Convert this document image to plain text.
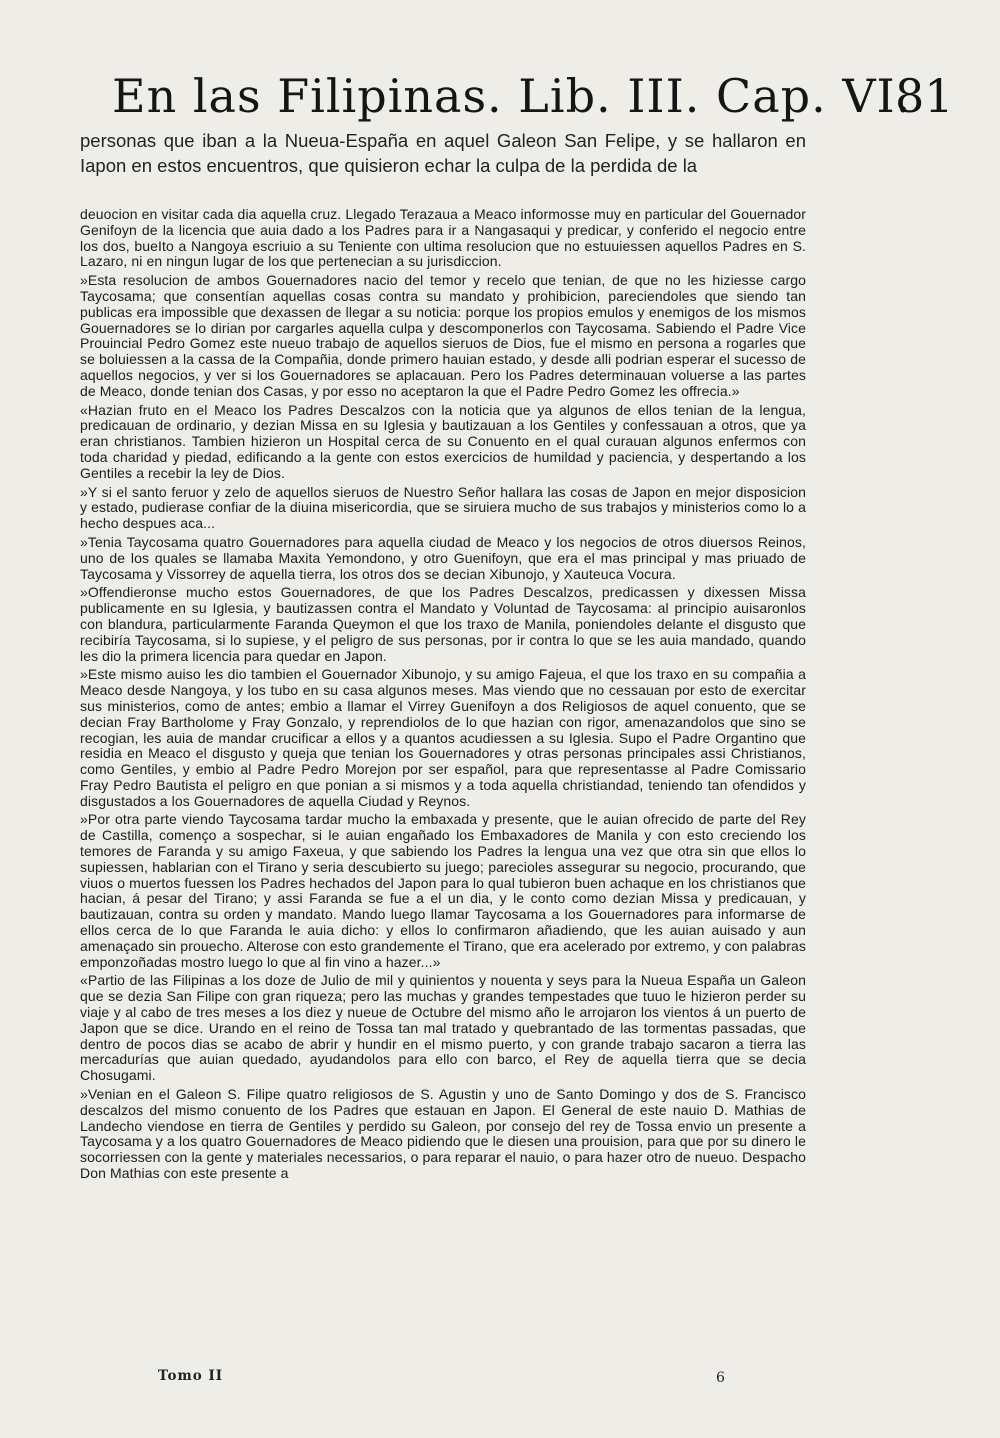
En las Filipinas. Lib. III. Cap. VI.
81
personas que iban a la Nueua-España en aquel Galeon San Felipe, y se hallaron en Iapon en estos encuentros, que quisieron echar la culpa de la perdida de la

deuocion en visitar cada dia aquella cruz. Llegado Terazaua a Meaco informosse muy en particular del Gouernador Genifoyn de la licencia que auia dado a los Padres para ir a Nangasaqui y predicar, y conferido el negocio entre los dos, bueIto a Nangoya escriuio a su Teniente con ultima resolucion que no estuuiessen aquellos Padres en S. Lazaro, ni en ningun lugar de los que pertenecian a su jurisdiccion.

»Esta resolucion de ambos Gouernadores nacio del temor y recelo que tenian, de que no les hiziesse cargo Taycosama; que consentían aquellas cosas contra su mandato y prohibicion, pareciendoles que siendo tan publicas era impossible que dexassen de llegar a su noticia: porque los propios emulos y enemigos de los mismos Gouernadores se lo dirian por cargarles aquella culpa y descomponerlos con Taycosama. Sabiendo el Padre Vice Prouincial Pedro Gomez este nueuo trabajo de aquellos sieruos de Dios, fue el mismo en persona a rogarles que se boluiessen a la cassa de la Compañia, donde primero hauian estado, y desde alli podrian esperar el sucesso de aquellos negocios, y ver si los Gouernadores se aplacauan. Pero los Padres determinauan voluerse a las partes de Meaco, donde tenian dos Casas, y por esso no aceptaron la que el Padre Pedro Gomez les offrecia.»

«Hazian fruto en el Meaco los Padres Descalzos con la noticia que ya algunos de ellos tenian de la lengua, predicauan de ordinario, y dezian Missa en su Iglesia y bautizauan a los Gentiles y confessauan a otros, que ya eran christianos. Tambien hizieron un Hospital cerca de su Conuento en el qual curauan algunos enfermos con toda charidad y piedad, edificando a la gente con estos exercicios de humildad y paciencia, y despertando a los Gentiles a recebir la ley de Dios.

»Y si el santo feruor y zelo de aquellos sieruos de Nuestro Señor hallara las cosas de Japon en mejor disposicion y estado, pudierase confiar de la diuina misericordia, que se siruiera mucho de sus trabajos y ministerios como lo a hecho despues aca...

»Tenia Taycosama quatro Gouernadores para aquella ciudad de Meaco y los negocios de otros diuersos Reinos, uno de los quales se llamaba Maxita Yemondono, y otro Guenifoyn, que era el mas principal y mas priuado de Taycosama y Vissorrey de aquella tierra, los otros dos se decian Xibunojo, y Xauteuca Vocura.

»Offendieronse mucho estos Gouernadores, de que los Padres Descalzos, predicassen y dixessen Missa publicamente en su Iglesia, y bautizassen contra el Mandato y Voluntad de Taycosama: al principio auisaronlos con blandura, particularmente Faranda Queymon el que los traxo de Manila, poniendoles delante el disgusto que recibiría Taycosama, si lo supiese, y el peligro de sus personas, por ir contra lo que se les auia mandado, quando les dio la primera licencia para quedar en Japon.

»Este mismo auiso les dio tambien el Gouernador Xibunojo, y su amigo Fajeua, el que los traxo en su compañia a Meaco desde Nangoya, y los tubo en su casa algunos meses. Mas viendo que no cessauan por esto de exercitar sus ministerios, como de antes; embio a llamar el Virrey Guenifoyn a dos Religiosos de aquel conuento, que se decian Fray Bartholome y Fray Gonzalo, y reprendiolos de lo que hazian con rigor, amenazandolos que sino se recogian, les auia de mandar crucificar a ellos y a quantos acudiessen a su Iglesia. Supo el Padre Organtino que residia en Meaco el disgusto y queja que tenian los Gouernadores y otras personas principales assi Christianos, como Gentiles, y embio al Padre Pedro Morejon por ser español, para que representasse al Padre Comissario Fray Pedro Bautista el peligro en que ponian a si mismos y a toda aquella christiandad, teniendo tan ofendidos y disgustados a los Gouernadores de aquella Ciudad y Reynos.

»Por otra parte viendo Taycosama tardar mucho la embaxada y presente, que le auian ofrecido de parte del Rey de Castilla, començo a sospechar, si le auian engañado los Embaxadores de Manila y con esto creciendo los temores de Faranda y su amigo Faxeua, y que sabiendo los Padres la lengua una vez que otra sin que ellos lo supiessen, hablarian con el Tirano y seria descubierto su juego; parecioles assegurar su negocio, procurando, que viuos o muertos fuessen los Padres hechados del Japon para lo qual tubieron buen achaque en los christianos que hacian, á pesar del Tirano; y assi Faranda se fue a el un dia, y le conto como dezian Missa y predicauan, y bautizauan, contra su orden y mandato. Mando luego llamar Taycosama a los Gouernadores para informarse de ellos cerca de lo que Faranda le auia dicho: y ellos lo confirmaron añadiendo, que les auian auisado y aun amenaçado sin prouecho. Alterose con esto grandemente el Tirano, que era acelerado por extremo, y con palabras emponzoñadas mostro luego lo que al fin vino a hazer...»

«Partio de las Filipinas a los doze de Julio de mil y quinientos y nouenta y seys para la Nueua España un Galeon que se dezia San Filipe con gran riqueza; pero las muchas y grandes tempestades que tuuo le hizieron perder su viaje y al cabo de tres meses a los diez y nueue de Octubre del mismo año le arrojaron los vientos á un puerto de Japon que se dice. Urando en el reino de Tossa tan mal tratado y quebrantado de las tormentas passadas, que dentro de pocos dias se acabo de abrir y hundir en el mismo puerto, y con grande trabajo sacaron a tierra las mercadurías que auian quedado, ayudandolos para ello con barco, el Rey de aquella tierra que se decia Chosugami.

»Venian en el Galeon S. Filipe quatro religiosos de S. Agustin y uno de Santo Domingo y dos de S. Francisco descalzos del mismo conuento de los Padres que estauan en Japon. El General de este nauio D. Mathias de Landecho viendose en tierra de Gentiles y perdido su Galeon, por consejo del rey de Tossa envio un presente a Taycosama y a los quatro Gouernadores de Meaco pidiendo que le diesen una prouision, para que por su dinero le socorriessen con la gente y materiales necessarios, o para reparar el nauio, o para hazer otro de nueuo. Despacho Don Mathias con este presente a

Tomo II	6
